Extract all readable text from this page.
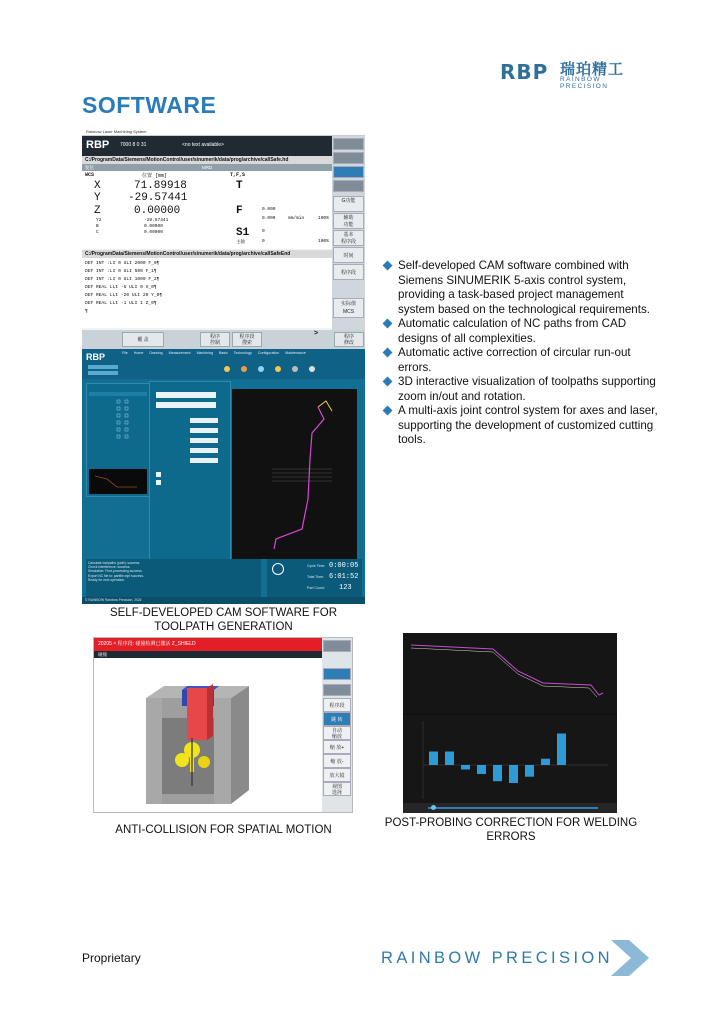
RBP 瑞珀精工
RAINBOW PRECISION
SOFTWARE
Rainbow Laser Machining System
RBP 7000 8 0 31	<no text available>
C:/ProgramData/Siemens/MotionControl/user/sinumerik/data/prog/archive/callSafe.hd
复位	MRD
WCS	位置 [mm]	T,F,S
X	71.89918
Y -29.57441
Z	0.00000
Y2	-29.57441
B	0.00000
C	0.00000
T
F	0.000
0.000	mm/min	100%
S1	0
主轴	0	100%
C:/ProgramData/Siemens/MotionControl/user/sinumerik/data/prog/archive/callSafeEnd
DEF INT :LI 0 ULI 2000 F_0¶
DEF INT :LI 0 ULI 500 F_1¶
DEF INT :LI 0 ULI 1000 F_2¶
DEF REAL LLI -5 ULI 0 X_0¶
DEF REAL LLI -20 ULI 20 Y_0¶
DEF REAL LLI -1 ULI 1 Z_0¶
¶
覆 盖	程序
控制
程序段
搜索
程序
修改
>
G功能
辅助
功能
基本
程序段
时间
程序段
实际值
MCS
RBP	File Home Drawing Measurement Machining Basic Technology Configuration Maintenance
Calculate toolpaths (path): success.
Check interference: success.
Simulation: Post-processing success.
Export NC file to: partfile.mpf success.
Ready for next operation.
Cycle Time: 0:00:05
Total Time: 6:01:52
Part Count: 123
© RAINBOW Rainbow Precision, 2024
SELF-DEVELOPED CAM SOFTWARE FOR TOOLPATH GENERATION
Self-developed CAM software combined with Siemens SINUMERIK 5-axis control system, providing a task-based project management system based on the technological requirements.
Automatic calculation of NC paths from CAD designs of all complexities.
Automatic active correction of circular run-out errors.
3D interactive visualization of toolpaths supporting zoom in/out and rotation.
A multi-axis joint control system for axes and laser, supporting the development of customized cutting tools.
20205 × 程序段: 碰撞检测已激活 Z_SHIELD
碰撞
程序段
跳 转
自动
缩放
缩 放+
缩 放-
放大镜
视图
选择
ANTI-COLLISION FOR SPATIAL MOTION
POST-PROBING CORRECTION FOR WELDING ERRORS
Proprietary	RAINBOW PRECISION
